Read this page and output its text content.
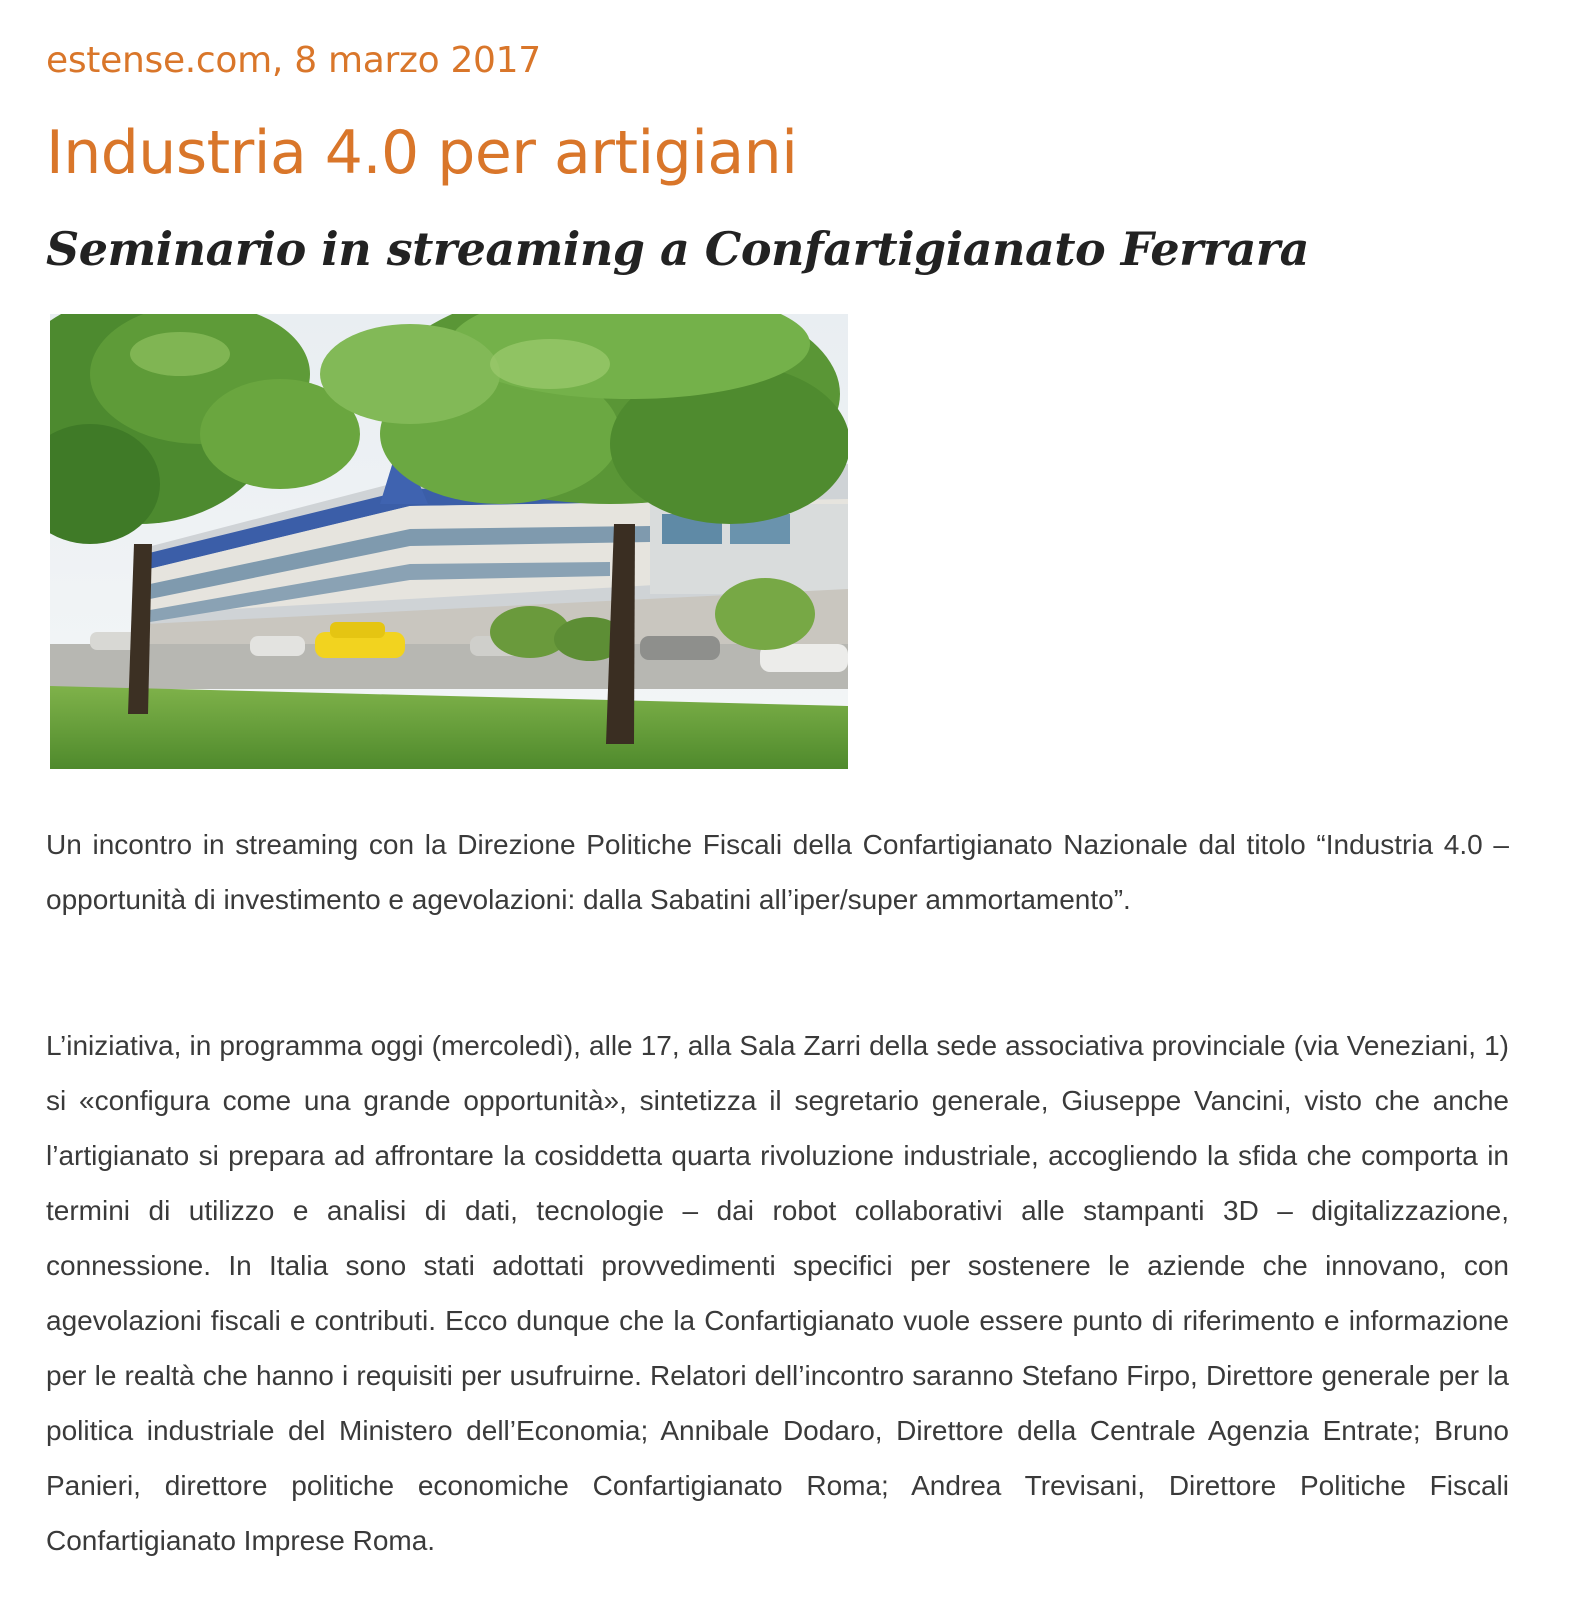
estense.com, 8 marzo 2017
Industria 4.0 per artigiani
Seminario in streaming a Confartigianato Ferrara

Un incontro in streaming con la Direzione Politiche Fiscali della Confartigianato Nazionale dal titolo “Industria 4.0 – opportunità di investimento e agevolazioni: dalla Sabatini all’iper/super ammortamento”.

L’iniziativa, in programma oggi (mercoledì), alle 17, alla Sala Zarri della sede associativa provinciale (via Veneziani, 1) si «configura come una grande opportunità», sintetizza il segretario generale, Giuseppe Vancini, visto che anche l’artigianato si prepara ad affrontare la cosiddetta quarta rivoluzione industriale, accogliendo la sfida che comporta in termini di utilizzo e analisi di dati, tecnologie – dai robot collaborativi alle stampanti 3D – digitalizzazione, connessione. In Italia sono stati adottati provvedimenti specifici per sostenere le aziende che innovano, con agevolazioni fiscali e contributi. Ecco dunque che la Confartigianato vuole essere punto di riferimento e informazione per le realtà che hanno i requisiti per usufruirne. Relatori dell’incontro saranno Stefano Firpo, Direttore generale per la politica industriale del Ministero dell’Economia; Annibale Dodaro, Direttore della Centrale Agenzia Entrate; Bruno Panieri, direttore politiche economiche Confartigianato Roma; Andrea Trevisani, Direttore Politiche Fiscali Confartigianato Imprese Roma.
